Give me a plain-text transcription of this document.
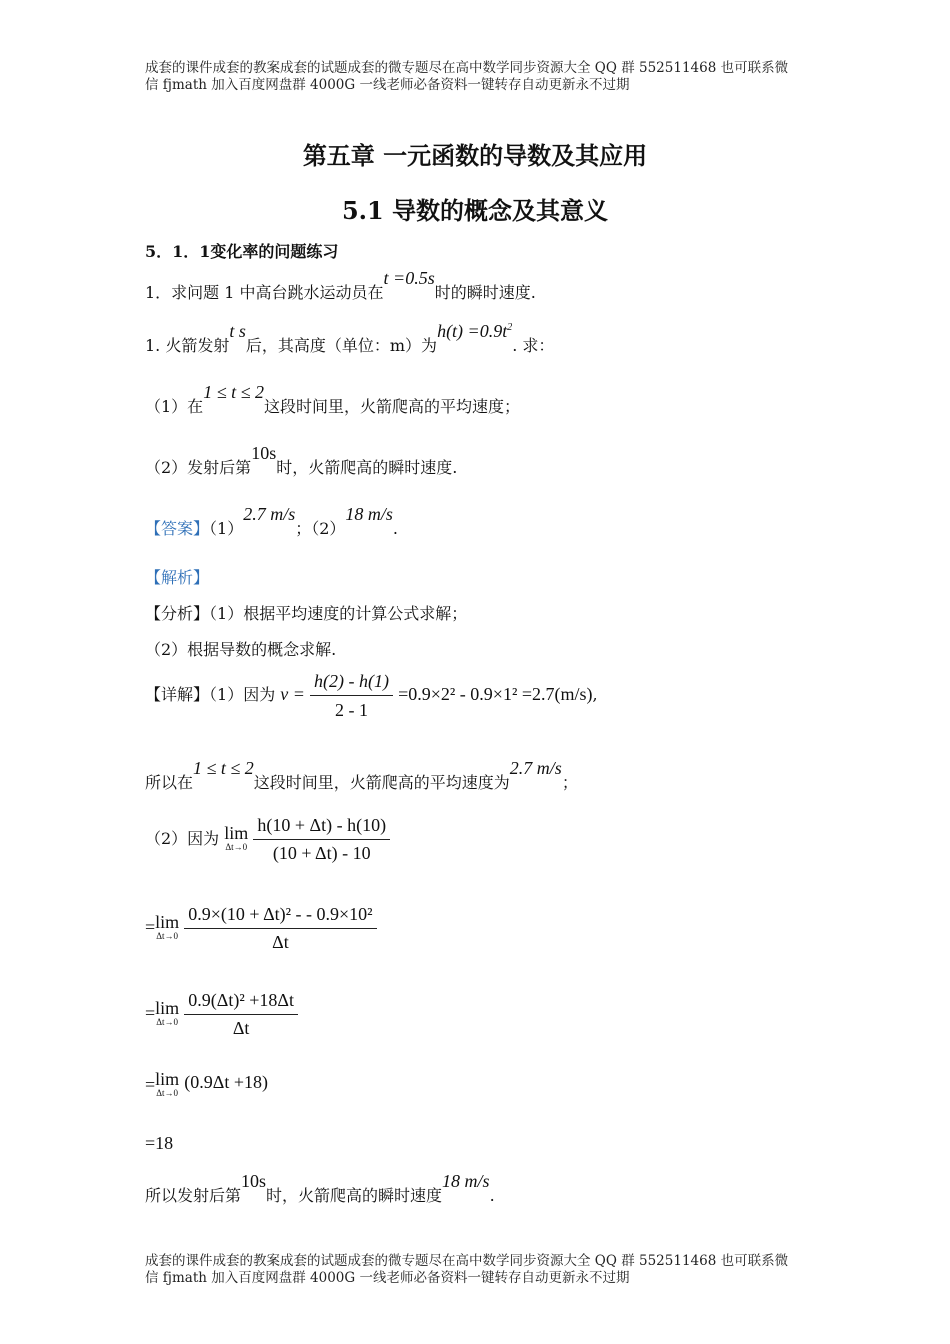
成套的课件成套的教案成套的试题成套的微专题尽在高中数学同步资源大全 QQ 群 552511468 也可联系微
信 fjmath 加入百度网盘群 4000G 一线老师必备资料一键转存自动更新永不过期
第五章 一元函数的导数及其应用
5.1 导数的概念及其意义
5．1．1变化率的问题练习
1．求问题 1 中高台跳水运动员在t =0.5s时的瞬时速度.
1. 火箭发射t s后，其高度（单位：m）为$h(t) =0.9t^2$. 求：
（1）在1 ≤ t ≤ 2这段时间里，火箭爬高的平均速度；
（2）发射后第10s时，火箭爬高的瞬时速度.
【答案】（1）2.7 m/s；（2）18 m/s.
【解析】
【分析】（1）根据平均速度的计算公式求解；
（2）根据导数的概念求解.
【详解】（1）因为 $v = \frac{h(2) - h(1)}{2 - 1} =0.9\times 2^2 - 0.9\times 1^2 =2.7(m/s)$,
所以在1 ≤ t ≤ 2这段时间里，火箭爬高的平均速度为2.7 m/s；
（2）因为 lim
Δt→0
$\frac{h(10 + \Delta t) - h(10)}{(10 + \Delta t) - 10}$
=lim
Δt→0
$\frac{\text{0.9×(10 + Δt)² - - 0.9×10²}}{\Delta t}$
=lim
Δt→0
$\frac{\text{0.9(Δt)² +18Δt}}{\Delta t}$
=lim
Δt→0
(0.9Δt +18)
=18
所以发射后第10s时，火箭爬高的瞬时速度18 m/s.
成套的课件成套的教案成套的试题成套的微专题尽在高中数学同步资源大全 QQ 群 552511468 也可联系微
信 fjmath 加入百度网盘群 4000G 一线老师必备资料一键转存自动更新永不过期
